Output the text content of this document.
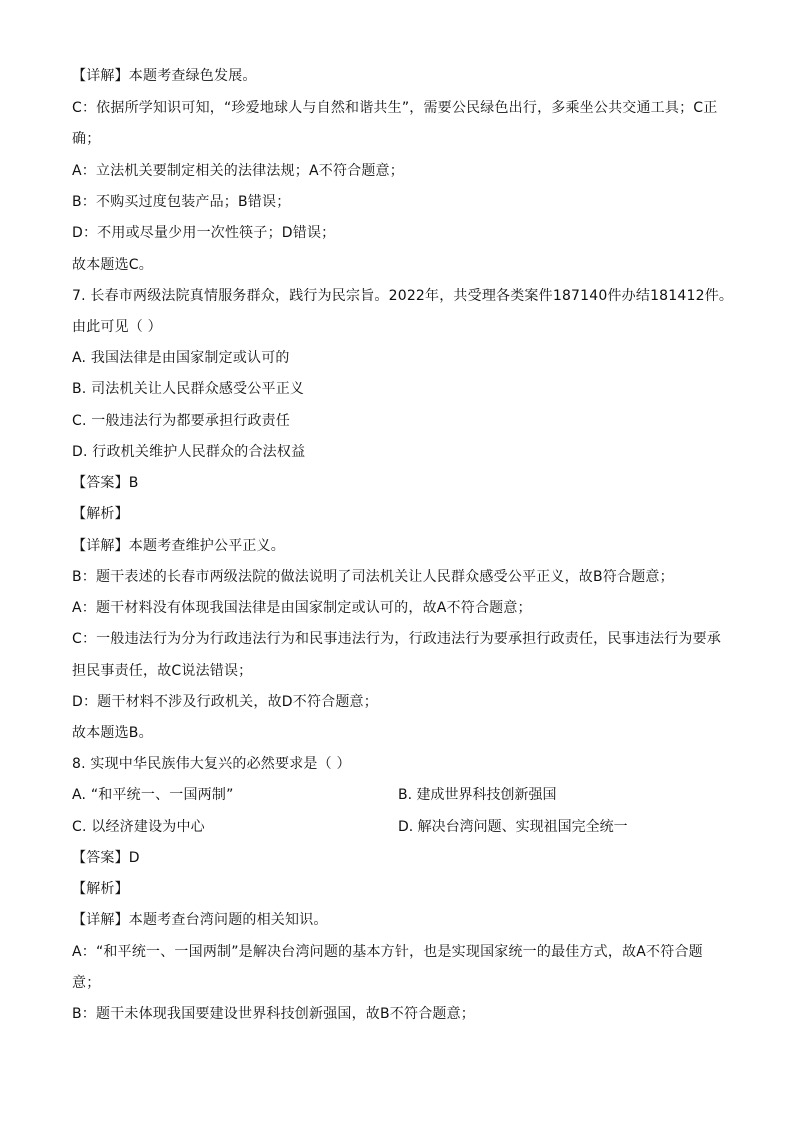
【详解】本题考查绿色发展。
C：依据所学知识可知，“珍爱地球人与自然和谐共生”，需要公民绿色出行，多乘坐公共交通工具；C正
确；
A：立法机关要制定相关的法律法规；A不符合题意；
B：不购买过度包装产品；B错误；
D：不用或尽量少用一次性筷子；D错误；
故本题选C。
7. 长春市两级法院真情服务群众，践行为民宗旨。2022年，共受理各类案件187140件办结181412件。
由此可见（ ）
A. 我国法律是由国家制定或认可的
B. 司法机关让人民群众感受公平正义
C. 一般违法行为都要承担行政责任
D. 行政机关维护人民群众的合法权益
【答案】B
【解析】
【详解】本题考查维护公平正义。
B：题干表述的长春市两级法院的做法说明了司法机关让人民群众感受公平正义，故B符合题意；
A：题干材料没有体现我国法律是由国家制定或认可的，故A不符合题意；
C：一般违法行为分为行政违法行为和民事违法行为，行政违法行为要承担行政责任，民事违法行为要承
担民事责任，故C说法错误；
D：题干材料不涉及行政机关，故D不符合题意；
故本题选B。
8. 实现中华民族伟大复兴的必然要求是（ ）
A. “和平统一、一国两制”	B. 建成世界科技创新强国
C. 以经济建设为中心	D. 解决台湾问题、实现祖国完全统一
【答案】D
【解析】
【详解】本题考查台湾问题的相关知识。
A：“和平统一、一国两制”是解决台湾问题的基本方针，也是实现国家统一的最佳方式，故A不符合题
意；
B：题干未体现我国要建设世界科技创新强国，故B不符合题意；
